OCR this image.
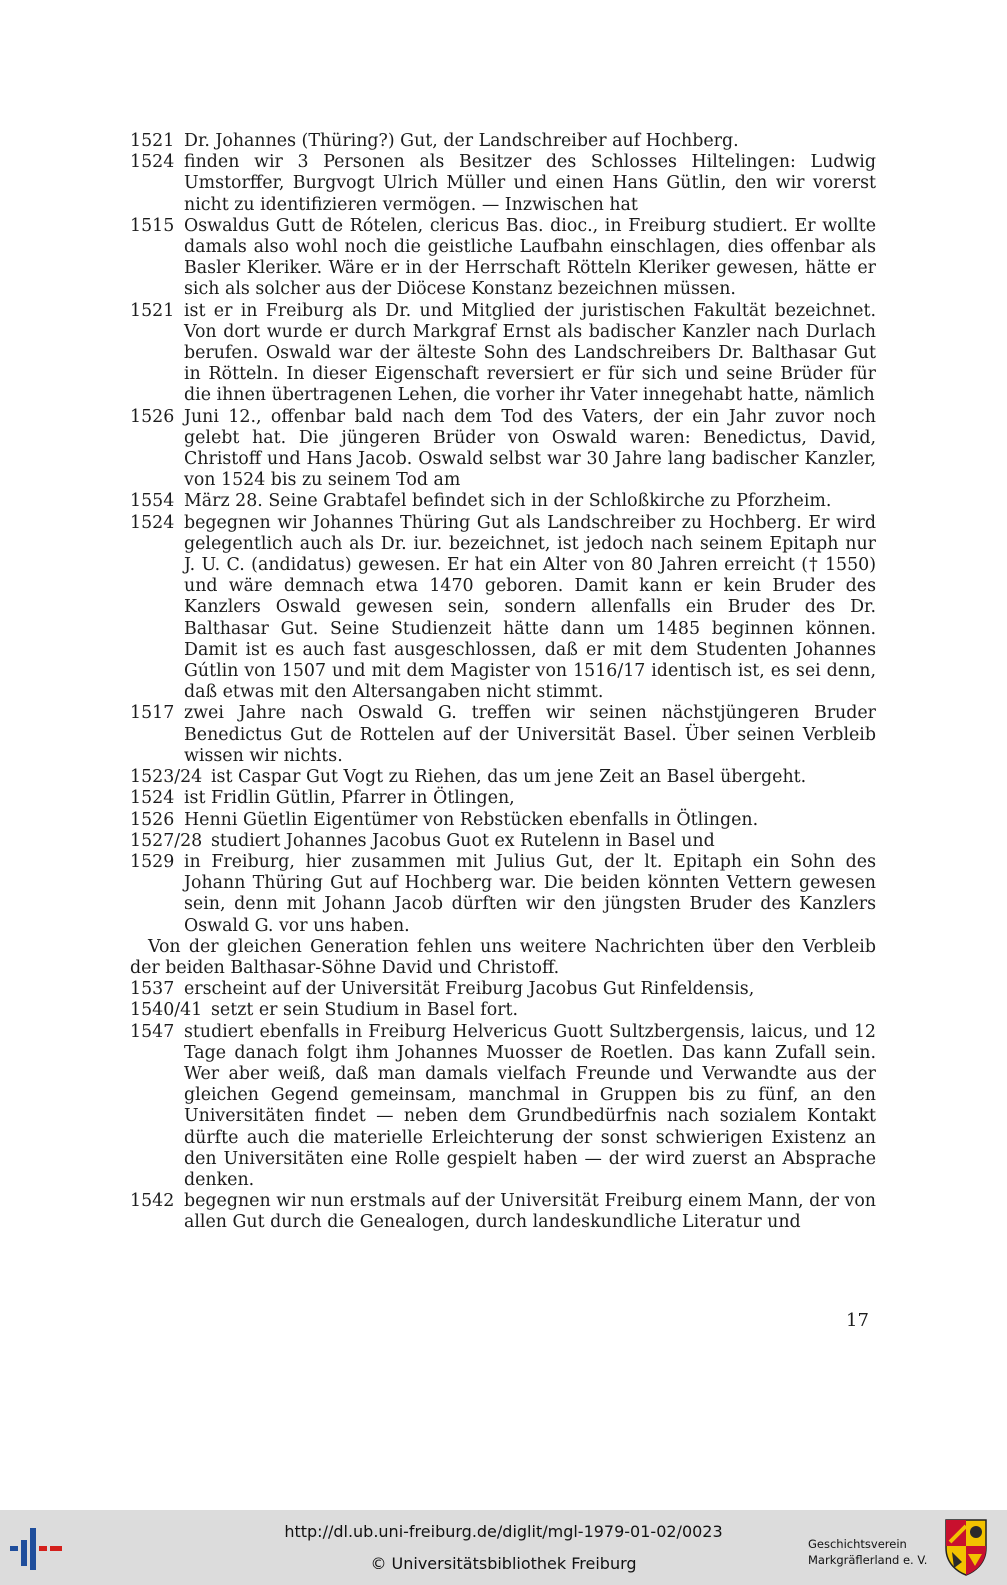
1521 Dr. Johannes (Thüring?) Gut, der Landschreiber auf Hochberg.
1524 finden wir 3 Personen als Besitzer des Schlosses Hiltelingen: Ludwig Umstorffer, Burgvogt Ulrich Müller und einen Hans Gütlin, den wir vorerst nicht zu identifizieren vermögen. — Inzwischen hat
1515 Oswaldus Gutt de Rótelen, clericus Bas. dioc., in Freiburg studiert. Er wollte damals also wohl noch die geistliche Laufbahn einschlagen, dies offenbar als Basler Kleriker. Wäre er in der Herrschaft Rötteln Kleriker gewesen, hätte er sich als solcher aus der Diöcese Konstanz bezeichnen müssen.
1521 ist er in Freiburg als Dr. und Mitglied der juristischen Fakultät bezeichnet. Von dort wurde er durch Markgraf Ernst als badischer Kanzler nach Durlach berufen. Oswald war der älteste Sohn des Landschreibers Dr. Balthasar Gut in Rötteln. In dieser Eigenschaft reversiert er für sich und seine Brüder für die ihnen übertragenen Lehen, die vorher ihr Vater innegehabt hatte, nämlich
1526 Juni 12., offenbar bald nach dem Tod des Vaters, der ein Jahr zuvor noch gelebt hat. Die jüngeren Brüder von Oswald waren: Benedictus, David, Christoff und Hans Jacob. Oswald selbst war 30 Jahre lang badischer Kanzler, von 1524 bis zu seinem Tod am
1554 März 28. Seine Grabtafel befindet sich in der Schloßkirche zu Pforzheim.
1524 begegnen wir Johannes Thüring Gut als Landschreiber zu Hochberg. Er wird gelegentlich auch als Dr. iur. bezeichnet, ist jedoch nach seinem Epitaph nur J. U. C. (andidatus) gewesen. Er hat ein Alter von 80 Jahren erreicht († 1550) und wäre demnach etwa 1470 geboren. Damit kann er kein Bruder des Kanzlers Oswald gewesen sein, sondern allenfalls ein Bruder des Dr. Balthasar Gut. Seine Studienzeit hätte dann um 1485 beginnen können. Damit ist es auch fast ausgeschlossen, daß er mit dem Studenten Johannes Gútlin von 1507 und mit dem Magister von 1516/17 identisch ist, es sei denn, daß etwas mit den Altersangaben nicht stimmt.
1517 zwei Jahre nach Oswald G. treffen wir seinen nächstjüngeren Bruder Benedictus Gut de Rottelen auf der Universität Basel. Über seinen Verbleib wissen wir nichts.
1523/24 ist Caspar Gut Vogt zu Riehen, das um jene Zeit an Basel übergeht.
1524 ist Fridlin Gütlin, Pfarrer in Ötlingen,
1526 Henni Güetlin Eigentümer von Rebstücken ebenfalls in Ötlingen.
1527/28 studiert Johannes Jacobus Guot ex Rutelenn in Basel und
1529 in Freiburg, hier zusammen mit Julius Gut, der lt. Epitaph ein Sohn des Johann Thüring Gut auf Hochberg war. Die beiden könnten Vettern gewesen sein, denn mit Johann Jacob dürften wir den jüngsten Bruder des Kanzlers Oswald G. vor uns haben.
Von der gleichen Generation fehlen uns weitere Nachrichten über den Verbleib der beiden Balthasar-Söhne David und Christoff.
1537 erscheint auf der Universität Freiburg Jacobus Gut Rinfeldensis,
1540/41 setzt er sein Studium in Basel fort.
1547 studiert ebenfalls in Freiburg Helvericus Guott Sultzbergensis, laicus, und 12 Tage danach folgt ihm Johannes Muosser de Roetlen. Das kann Zufall sein. Wer aber weiß, daß man damals vielfach Freunde und Verwandte aus der gleichen Gegend gemeinsam, manchmal in Gruppen bis zu fünf, an den Universitäten findet — neben dem Grundbedürfnis nach sozialem Kontakt dürfte auch die materielle Erleichterung der sonst schwierigen Existenz an den Universitäten eine Rolle gespielt haben — der wird zuerst an Absprache denken.
1542 begegnen wir nun erstmals auf der Universität Freiburg einem Mann, der von allen Gut durch die Genealogen, durch landeskundliche Literatur und
17
http://dl.ub.uni-freiburg.de/diglit/mgl-1979-01-02/0023
© Universitätsbibliothek Freiburg
Geschichtsverein
Markgräflerland e. V.
